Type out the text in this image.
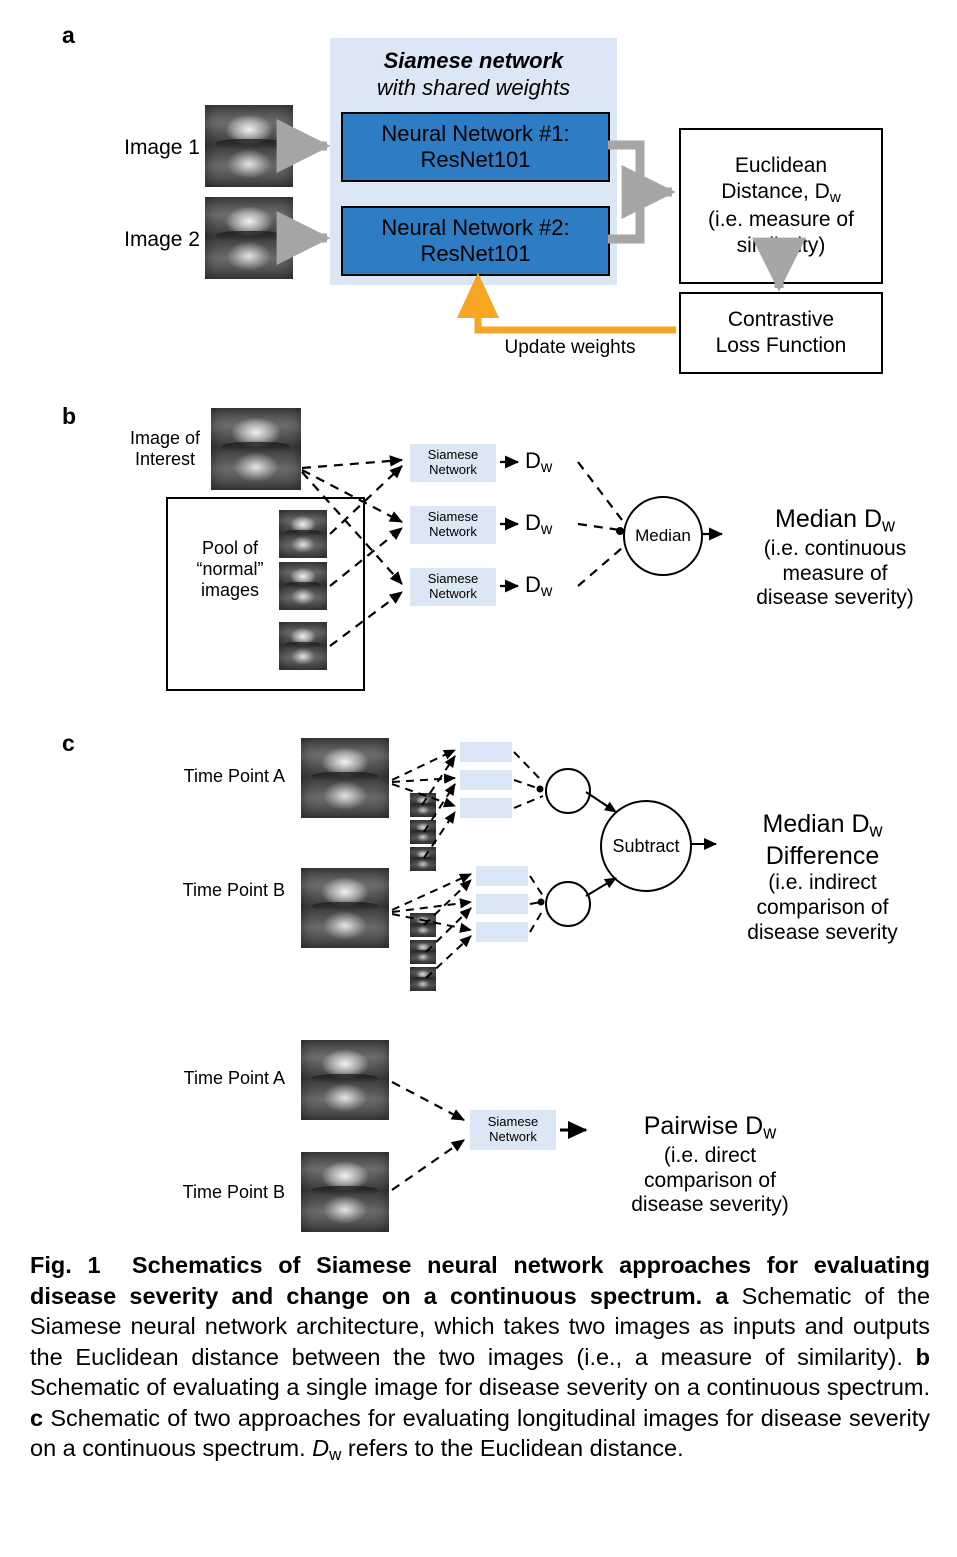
a
Siamese network
with shared weights
Image 1
Image 2
Neural Network #1:
ResNet101
Neural Network #2:
ResNet101
Euclidean
Distance, $D_w$
(i.e. measure of
similarity)
Contrastive
Loss Function
Update weights
b
Image of
Interest
Pool of
“normal”
images
Siamese
Network
Siamese
Network
Siamese
Network
$D_w$
$D_w$
$D_w$
Median
Median $D_w$
(i.e. continuous
measure of
disease severity)
c
Time Point A
Time Point B
Subtract
Median $D_w$
Difference
(i.e. indirect
comparison of
disease severity
Time Point A
Time Point B
Siamese
Network	Pairwise $D_w$
(i.e. direct
comparison of
disease severity)
Fig. 1 Schematics of Siamese neural network approaches for evaluating disease severity and change on a continuous spectrum. a Schematic of the Siamese neural network architecture, which takes two images as inputs and outputs the Euclidean distance between the two images (i.e., a measure of similarity). b Schematic of evaluating a single image for disease severity on a continuous spectrum. c Schematic of two approaches for evaluating longitudinal images for disease severity on a continuous spectrum. $D_w$ refers to the Euclidean distance.
